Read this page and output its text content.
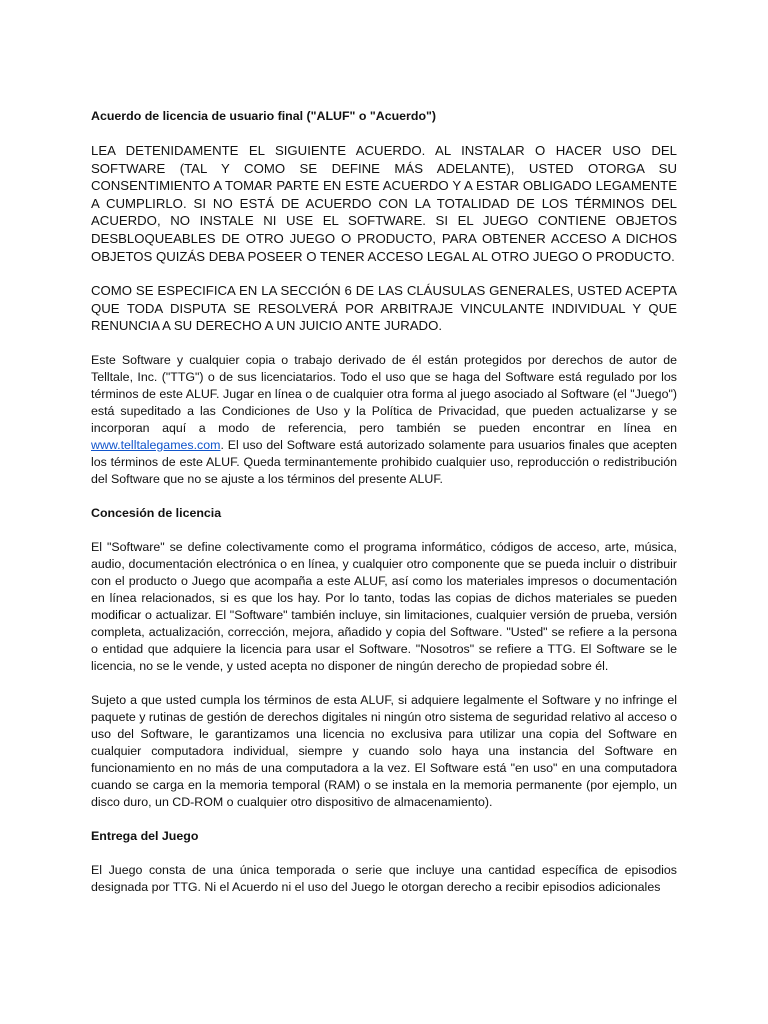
Acuerdo de licencia de usuario final ("ALUF" o "Acuerdo")

LEA DETENIDAMENTE EL SIGUIENTE ACUERDO. AL INSTALAR O HACER USO DEL SOFTWARE (TAL Y COMO SE DEFINE MÁS ADELANTE), USTED OTORGA SU CONSENTIMIENTO A TOMAR PARTE EN ESTE ACUERDO Y A ESTAR OBLIGADO LEGAMENTE A CUMPLIRLO. SI NO ESTÁ DE ACUERDO CON LA TOTALIDAD DE LOS TÉRMINOS DEL ACUERDO, NO INSTALE NI USE EL SOFTWARE. SI EL JUEGO CONTIENE OBJETOS DESBLOQUEABLES DE OTRO JUEGO O PRODUCTO, PARA OBTENER ACCESO A DICHOS OBJETOS QUIZÁS DEBA POSEER O TENER ACCESO LEGAL AL OTRO JUEGO O PRODUCTO.

COMO SE ESPECIFICA EN LA SECCIÓN 6 DE LAS CLÁUSULAS GENERALES, USTED ACEPTA QUE TODA DISPUTA SE RESOLVERÁ POR ARBITRAJE VINCULANTE INDIVIDUAL Y QUE RENUNCIA A SU DERECHO A UN JUICIO ANTE JURADO.

Este Software y cualquier copia o trabajo derivado de él están protegidos por derechos de autor de Telltale, Inc. ("TTG") o de sus licenciatarios. Todo el uso que se haga del Software está regulado por los términos de este ALUF. Jugar en línea o de cualquier otra forma al juego asociado al Software (el "Juego") está supeditado a las Condiciones de Uso y la Política de Privacidad, que pueden actualizarse y se incorporan aquí a modo de referencia, pero también se pueden encontrar en línea en www.telltalegames.com. El uso del Software está autorizado solamente para usuarios finales que acepten los términos de este ALUF. Queda terminantemente prohibido cualquier uso, reproducción o redistribución del Software que no se ajuste a los términos del presente ALUF.

Concesión de licencia

El "Software" se define colectivamente como el programa informático, códigos de acceso, arte, música, audio, documentación electrónica o en línea, y cualquier otro componente que se pueda incluir o distribuir con el producto o Juego que acompaña a este ALUF, así como los materiales impresos o documentación en línea relacionados, si es que los hay. Por lo tanto, todas las copias de dichos materiales se pueden modificar o actualizar. El "Software" también incluye, sin limitaciones, cualquier versión de prueba, versión completa, actualización, corrección, mejora, añadido y copia del Software. "Usted" se refiere a la persona o entidad que adquiere la licencia para usar el Software. "Nosotros" se refiere a TTG. El Software se le licencia, no se le vende, y usted acepta no disponer de ningún derecho de propiedad sobre él.

Sujeto a que usted cumpla los términos de esta ALUF, si adquiere legalmente el Software y no infringe el paquete y rutinas de gestión de derechos digitales ni ningún otro sistema de seguridad relativo al acceso o uso del Software, le garantizamos una licencia no exclusiva para utilizar una copia del Software en cualquier computadora individual, siempre y cuando solo haya una instancia del Software en funcionamiento en no más de una computadora a la vez. El Software está "en uso" en una computadora cuando se carga en la memoria temporal (RAM) o se instala en la memoria permanente (por ejemplo, un disco duro, un CD-ROM o cualquier otro dispositivo de almacenamiento).

Entrega del Juego

El Juego consta de una única temporada o serie que incluye una cantidad específica de episodios designada por TTG. Ni el Acuerdo ni el uso del Juego le otorgan derecho a recibir episodios adicionales
